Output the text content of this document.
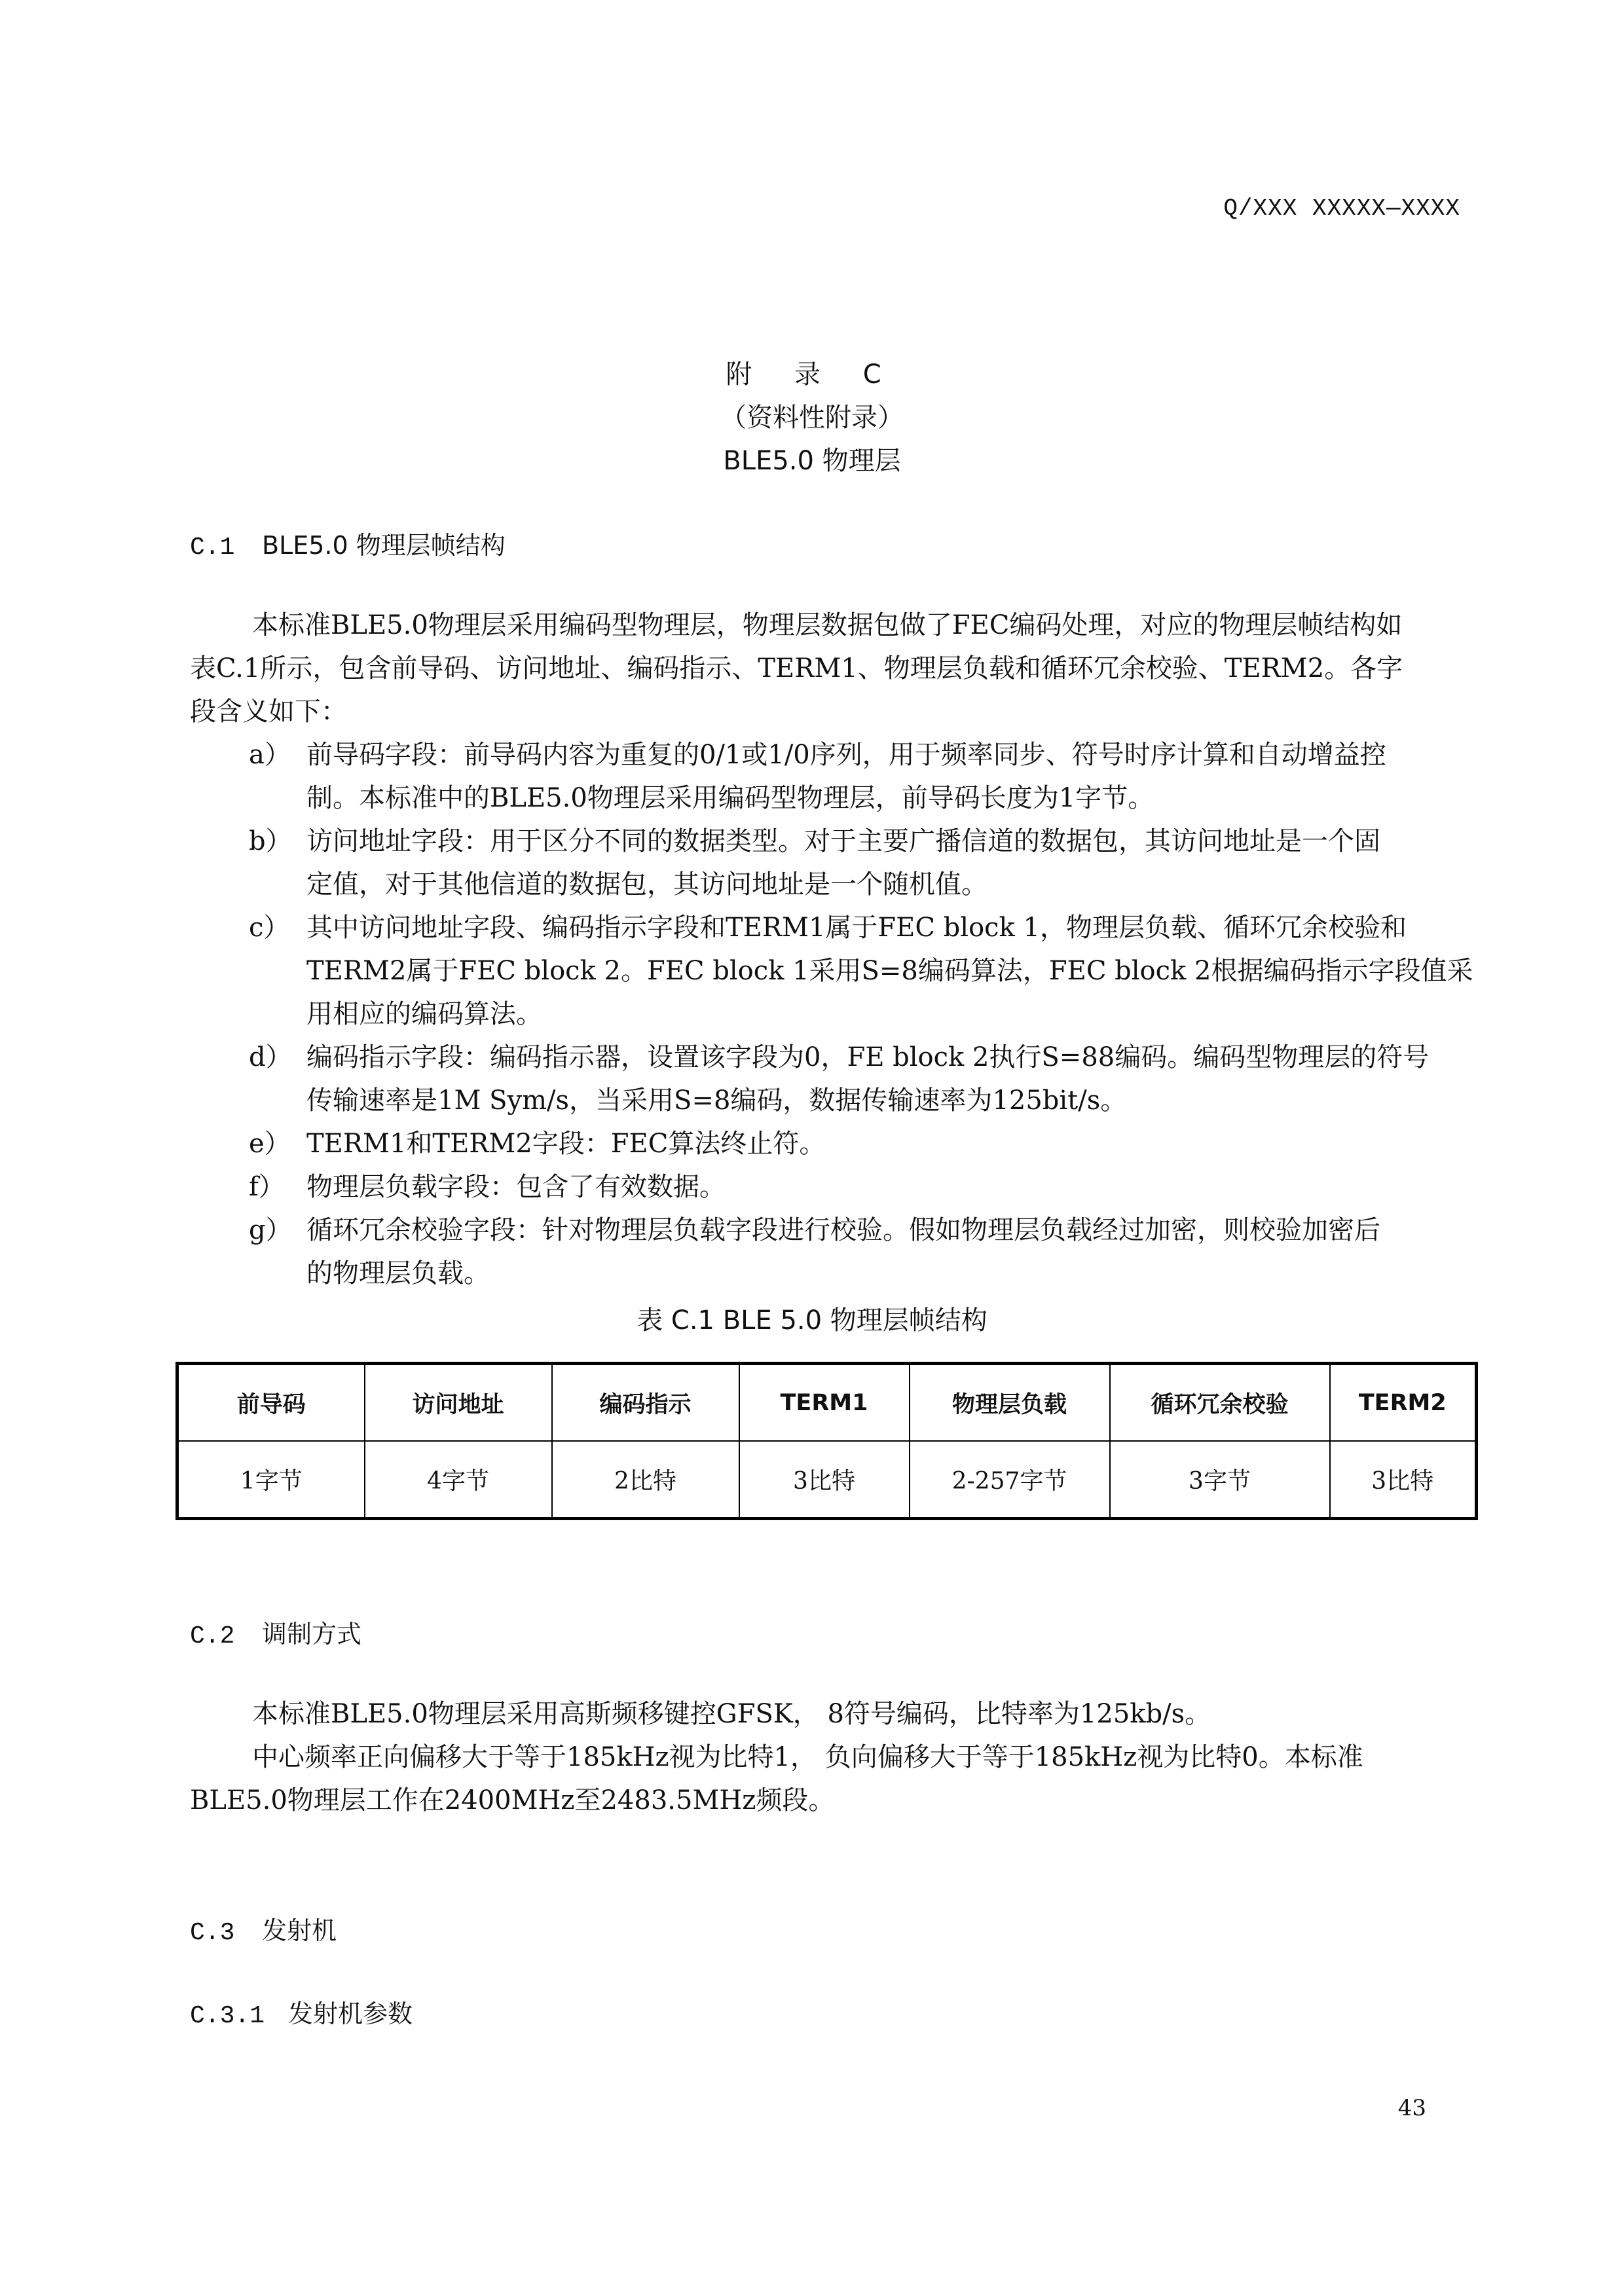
Q/XXX XXXXX—XXXX
附 录 C
（资料性附录）
BLE5.0 物理层
C.1 BLE5.0 物理层帧结构
本标准BLE5.0物理层采用编码型物理层，物理层数据包做了FEC编码处理，对应的物理层帧结构如
表C.1所示，包含前导码、访问地址、编码指示、TERM1、物理层负载和循环冗余校验、TERM2。各字
段含义如下：
a） 前导码字段：前导码内容为重复的0/1或1/0序列，用于频率同步、符号时序计算和自动增益控
制。本标准中的BLE5.0物理层采用编码型物理层，前导码长度为1字节。
b） 访问地址字段：用于区分不同的数据类型。对于主要广播信道的数据包，其访问地址是一个固
定值，对于其他信道的数据包，其访问地址是一个随机值。
c） 其中访问地址字段、编码指示字段和TERM1属于FEC block 1，物理层负载、循环冗余校验和
TERM2属于FEC block 2。FEC block 1采用S=8编码算法，FEC block 2根据编码指示字段值采
用相应的编码算法。
d） 编码指示字段：编码指示器，设置该字段为0，FE block 2执行S=88编码。编码型物理层的符号
传输速率是1M Sym/s，当采用S=8编码，数据传输速率为125bit/s。
e） TERM1和TERM2字段：FEC算法终止符。
f） 物理层负载字段：包含了有效数据。
g） 循环冗余校验字段：针对物理层负载字段进行校验。假如物理层负载经过加密，则校验加密后
的物理层负载。
表 C.1 BLE 5.0 物理层帧结构
前导码	访问地址	编码指示	TERM1	物理层负载	循环冗余校验	TERM2
1字节	4字节	2比特	3比特	2-257字节	3字节	3比特
C.2 调制方式
本标准BLE5.0物理层采用高斯频移键控GFSK， 8符号编码，比特率为125kb/s。
中心频率正向偏移大于等于185kHz视为比特1， 负向偏移大于等于185kHz视为比特0。本标准
BLE5.0物理层工作在2400MHz至2483.5MHz频段。
C.3 发射机
C.3.1 发射机参数
43
